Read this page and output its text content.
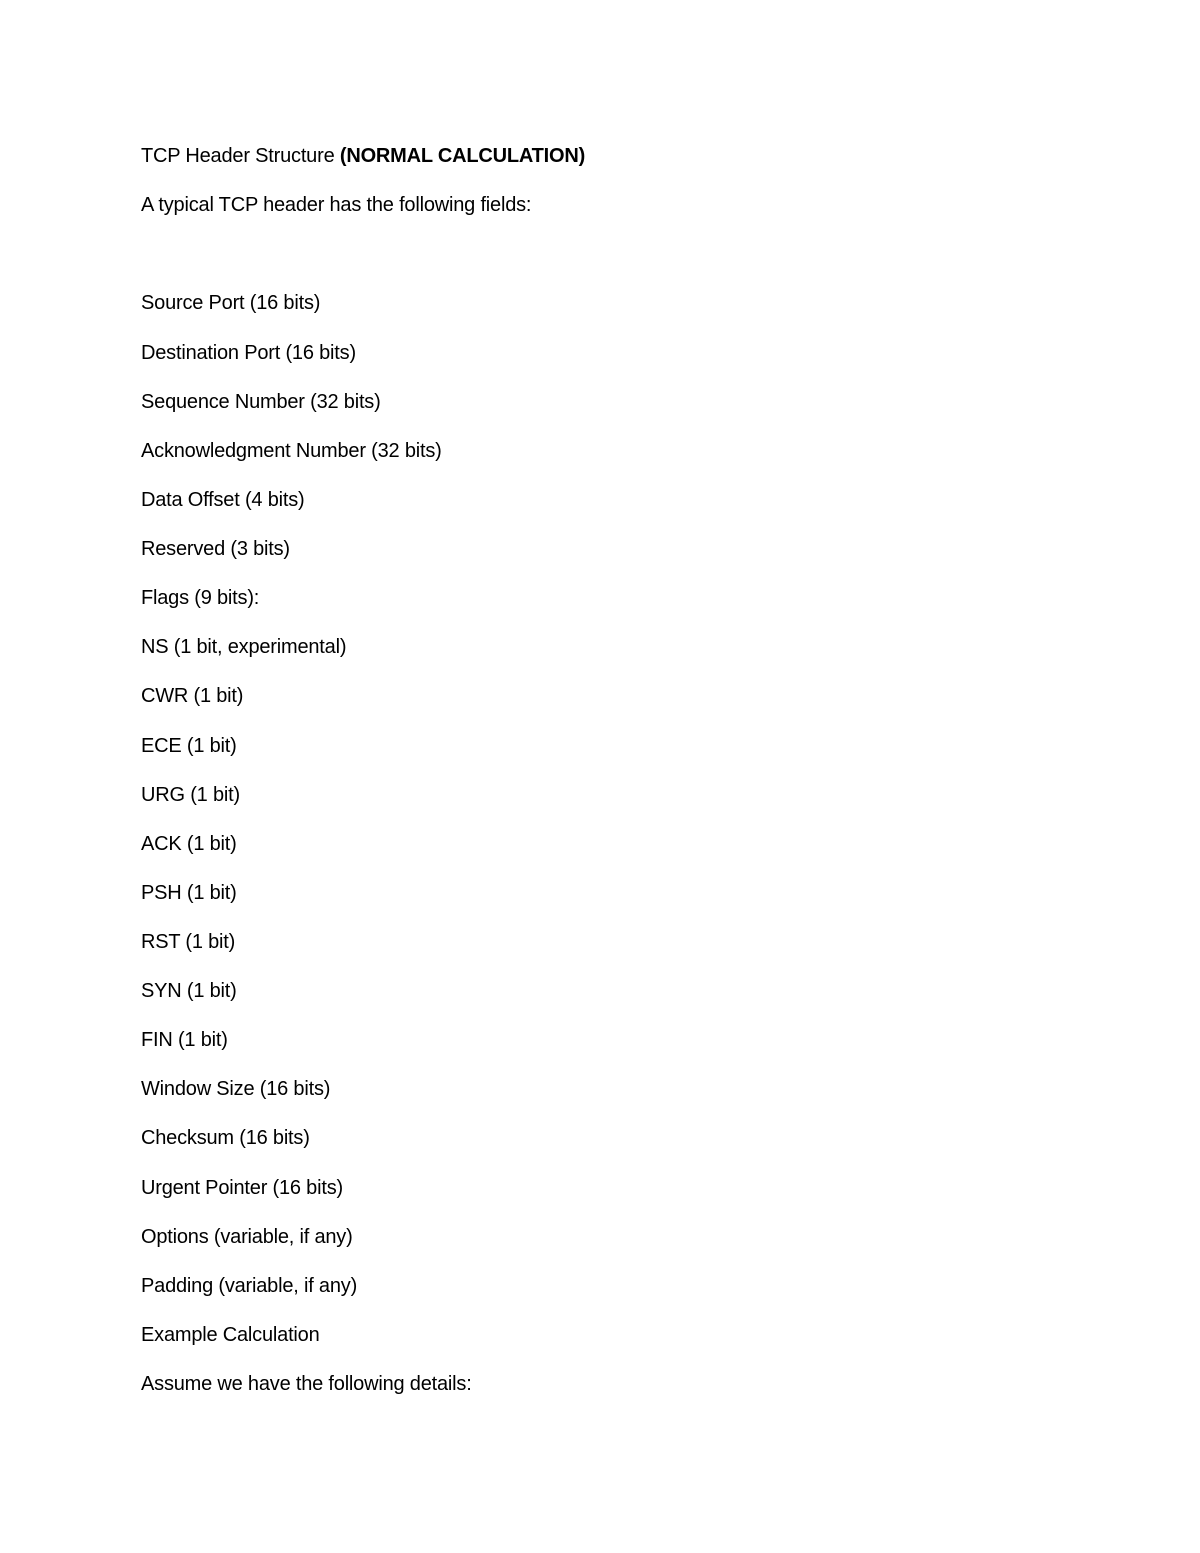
TCP Header Structure (NORMAL CALCULATION)
A typical TCP header has the following fields:
Source Port (16 bits)
Destination Port (16 bits)
Sequence Number (32 bits)
Acknowledgment Number (32 bits)
Data Offset (4 bits)
Reserved (3 bits)
Flags (9 bits):
NS (1 bit, experimental)
CWR (1 bit)
ECE (1 bit)
URG (1 bit)
ACK (1 bit)
PSH (1 bit)
RST (1 bit)
SYN (1 bit)
FIN (1 bit)
Window Size (16 bits)
Checksum (16 bits)
Urgent Pointer (16 bits)
Options (variable, if any)
Padding (variable, if any)
Example Calculation
Assume we have the following details:
